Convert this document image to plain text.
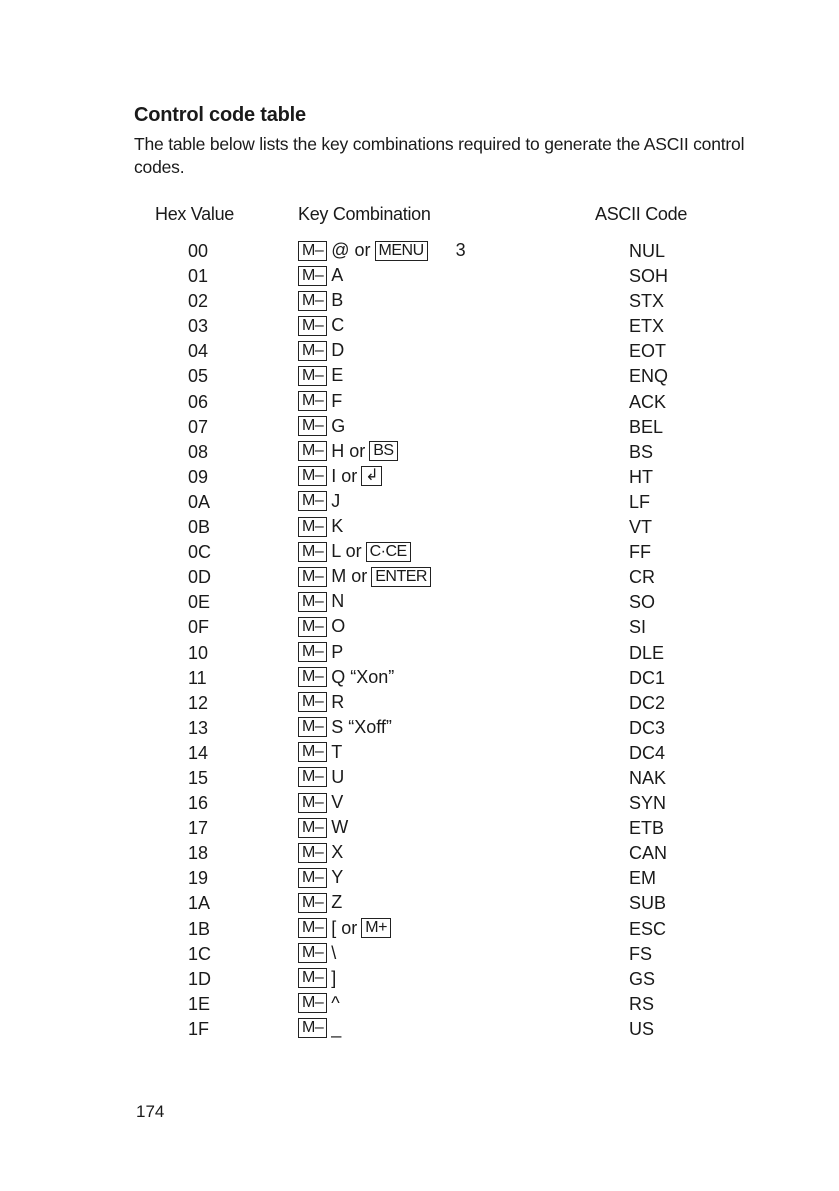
Control code table
The table below lists the key combinations required to generate the ASCII control codes.
Hex Value	Key Combination	ASCII Code
00	M– @ or MENU 3	NUL
01	M– A	SOH
02	M– B	STX
03	M– C	ETX
04	M– D	EOT
05	M– E	ENQ
06	M– F	ACK
07	M– G	BEL
08	M– H or BS	BS
09	M– I or ↲	HT
0A	M– J	LF
0B	M– K	VT
0C	M– L or C·CE	FF
0D	M– M or ENTER	CR
0E	M– N	SO
0F	M– O	SI
10	M– P	DLE
11	M– Q “Xon”	DC1
12	M– R	DC2
13	M– S “Xoff”	DC3
14	M– T	DC4
15	M– U	NAK
16	M– V	SYN
17	M– W	ETB
18	M– X	CAN
19	M– Y	EM
1A	M– Z	SUB
1B	M– [ or M+	ESC
1C	M– \	FS
1D	M– ]	GS
1E	M– ^	RS
1F	M– _	US
174
